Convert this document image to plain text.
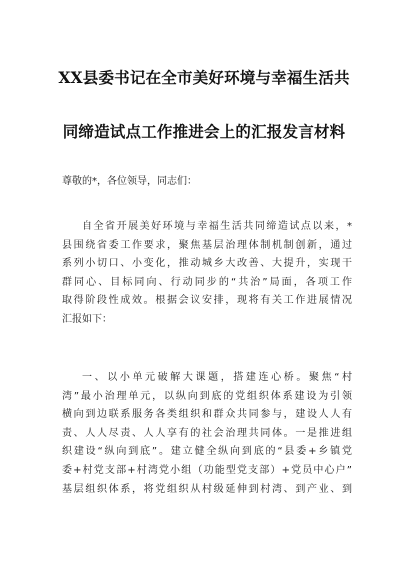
XX县委书记在全市美好环境与幸福生活共
同缔造试点工作推进会上的汇报发言材料
尊敬的*，各位领导，同志们：
自全省开展美好环境与幸福生活共同缔造试点以来，*
县围绕省委工作要求，聚焦基层治理体制机制创新，通过
系列小切口、小变化，推动城乡大改善、大提升，实现干
群同心、目标同向、行动同步的“共治”局面，各项工作
取得阶段性成效。根据会议安排，现将有关工作进展情况
汇报如下：
一、以小单元破解大课题，搭建连心桥。聚焦“村
湾”最小治理单元，以纵向到底的党组织体系建设为引领
横向到边联系服务各类组织和群众共同参与，建设人人有
责、人人尽责、人人享有的社会治理共同体。一是推进组
织建设“纵向到底”。建立健全纵向到底的“县委+乡镇党
委+村党支部+村湾党小组（功能型党支部）+党员中心户”
基层组织体系，将党组织从村级延伸到村湾、到产业、到
